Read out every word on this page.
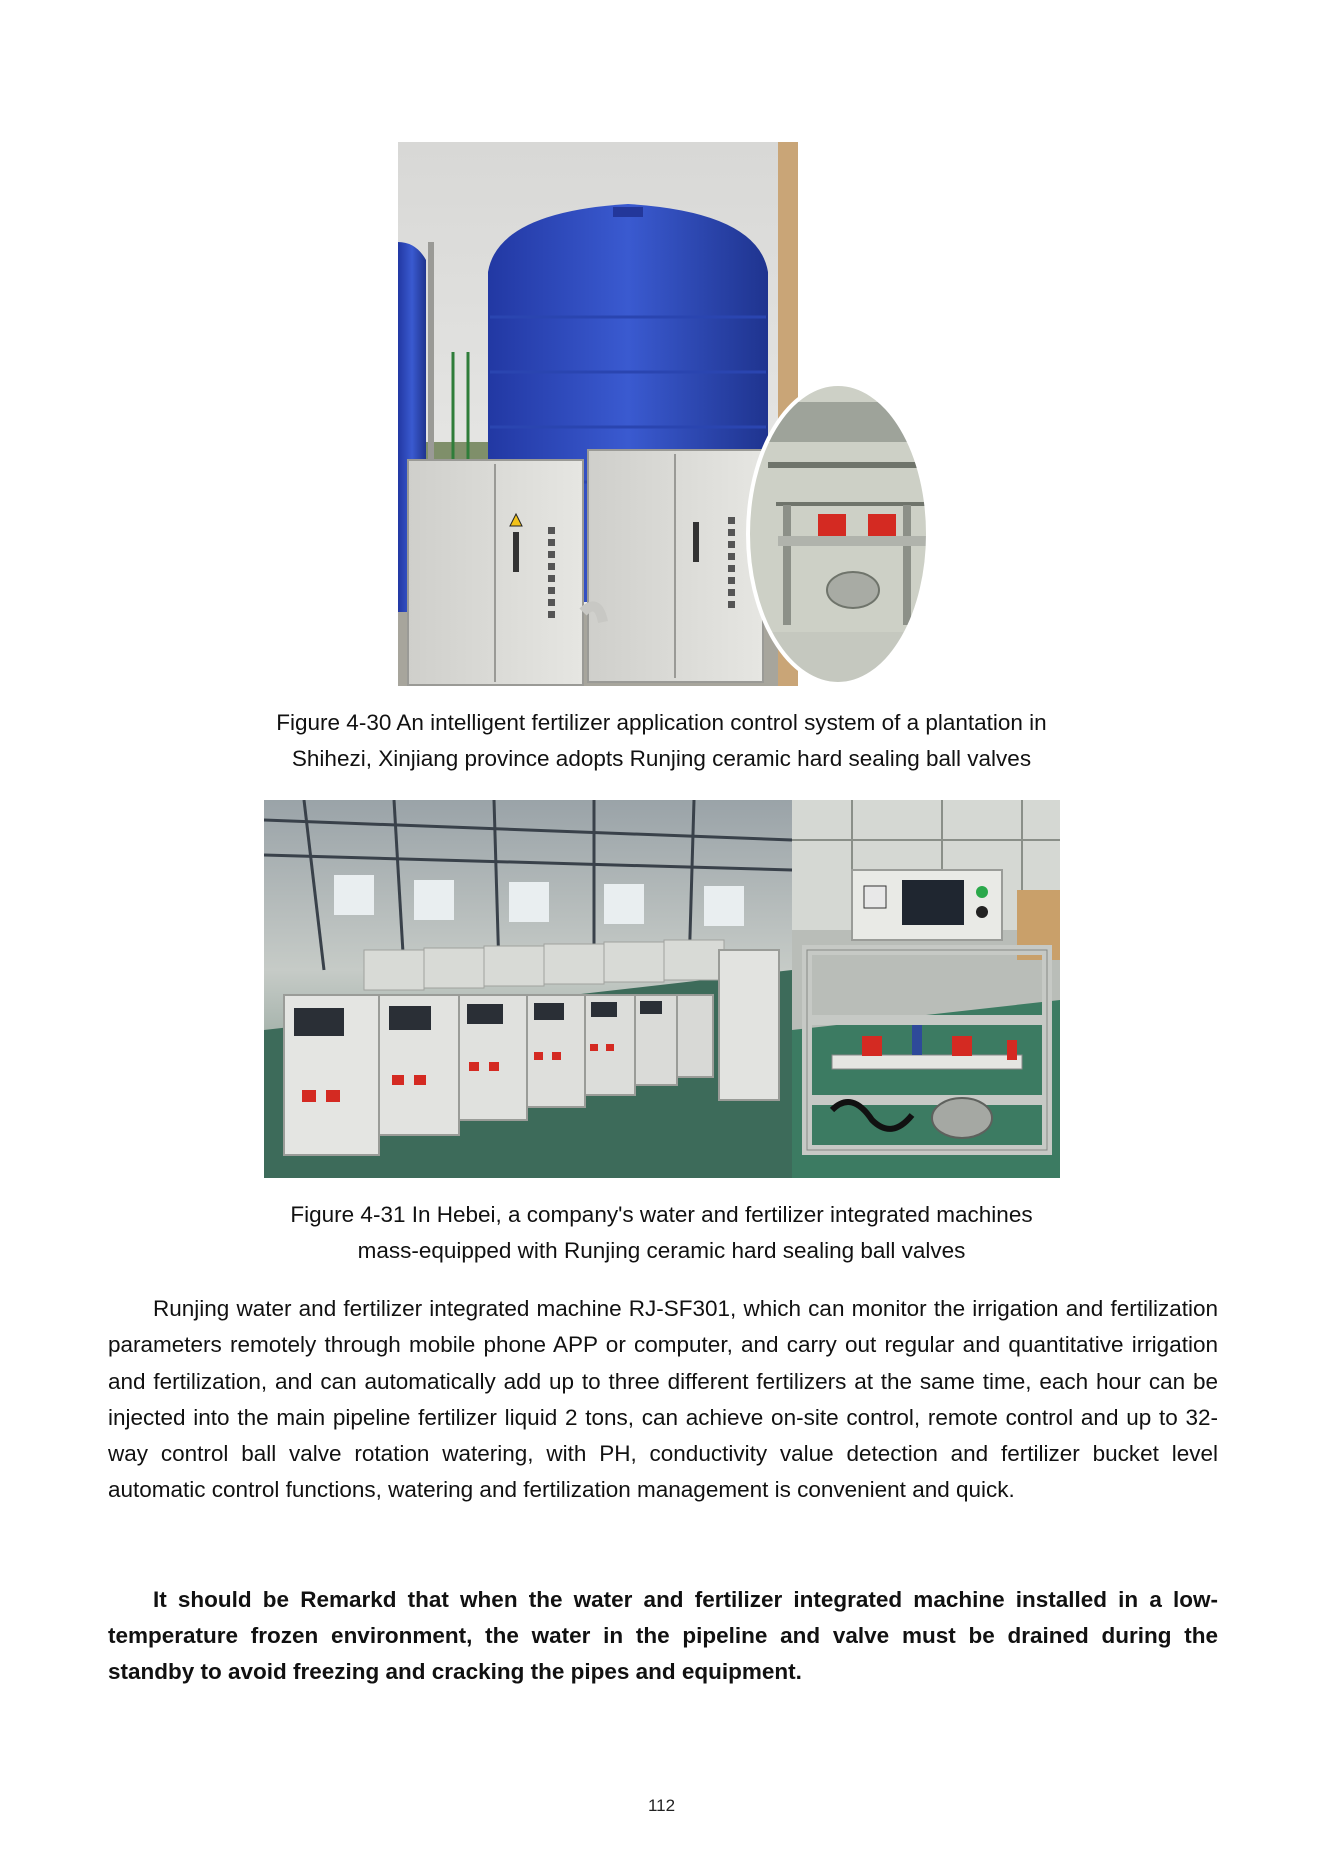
Figure 4-30 An intelligent fertilizer application control system of a plantation in
Shihezi, Xinjiang province adopts Runjing ceramic hard sealing ball valves
Figure 4-31 In Hebei, a company's water and fertilizer integrated machines
mass-equipped with Runjing ceramic hard sealing ball valves

Runjing water and fertilizer integrated machine RJ-SF301, which can monitor the irrigation and fertilization parameters remotely through mobile phone APP or computer, and carry out regular and quantitative irrigation and fertilization, and can automatically add up to three different fertilizers at the same time, each hour can be injected into the main pipeline fertilizer liquid 2 tons, can achieve on-site control, remote control and up to 32-way control ball valve rotation watering, with PH, conductivity value detection and fertilizer bucket level automatic control functions, watering and fertilization management is convenient and quick.

It should be Remarkd that when the water and fertilizer integrated machine installed in a low-temperature frozen environment, the water in the pipeline and valve must be drained during the standby to avoid freezing and cracking the pipes and equipment.

112
